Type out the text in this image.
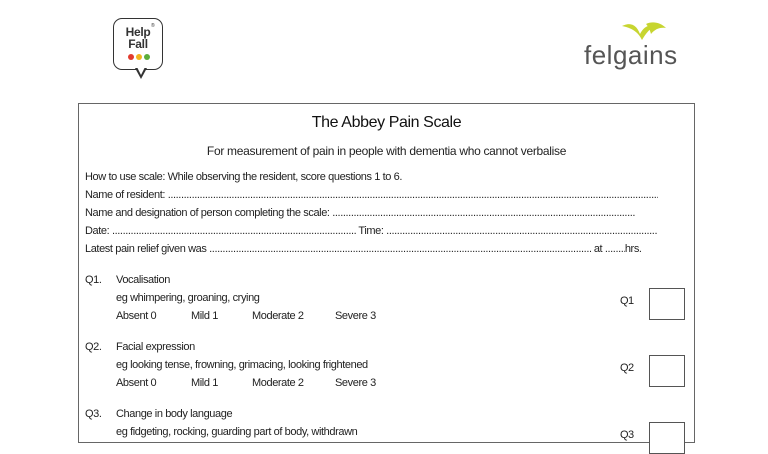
Help ®
Fall	felgains
The Abbey Pain Scale
For measurement of pain in people with dementia who cannot verbalise
How to use scale: While observing the resident, score questions 1 to 6.
Name of resident: .....
Name and designation of person completing the scale: .....
Date: .....	Time: .....
Latest pain relief given was .....	at ..... hrs.
Q1. Vocalisation
eg whimpering, groaning, crying
Absent 0	Mild 1	Moderate 2	Severe 3
Q1
Q2. Facial expression
eg looking tense, frowning, grimacing, looking frightened
Absent 0	Mild 1	Moderate 2	Severe 3
Q2
Q3. Change in body language
eg fidgeting, rocking, guarding part of body, withdrawn	Q3
